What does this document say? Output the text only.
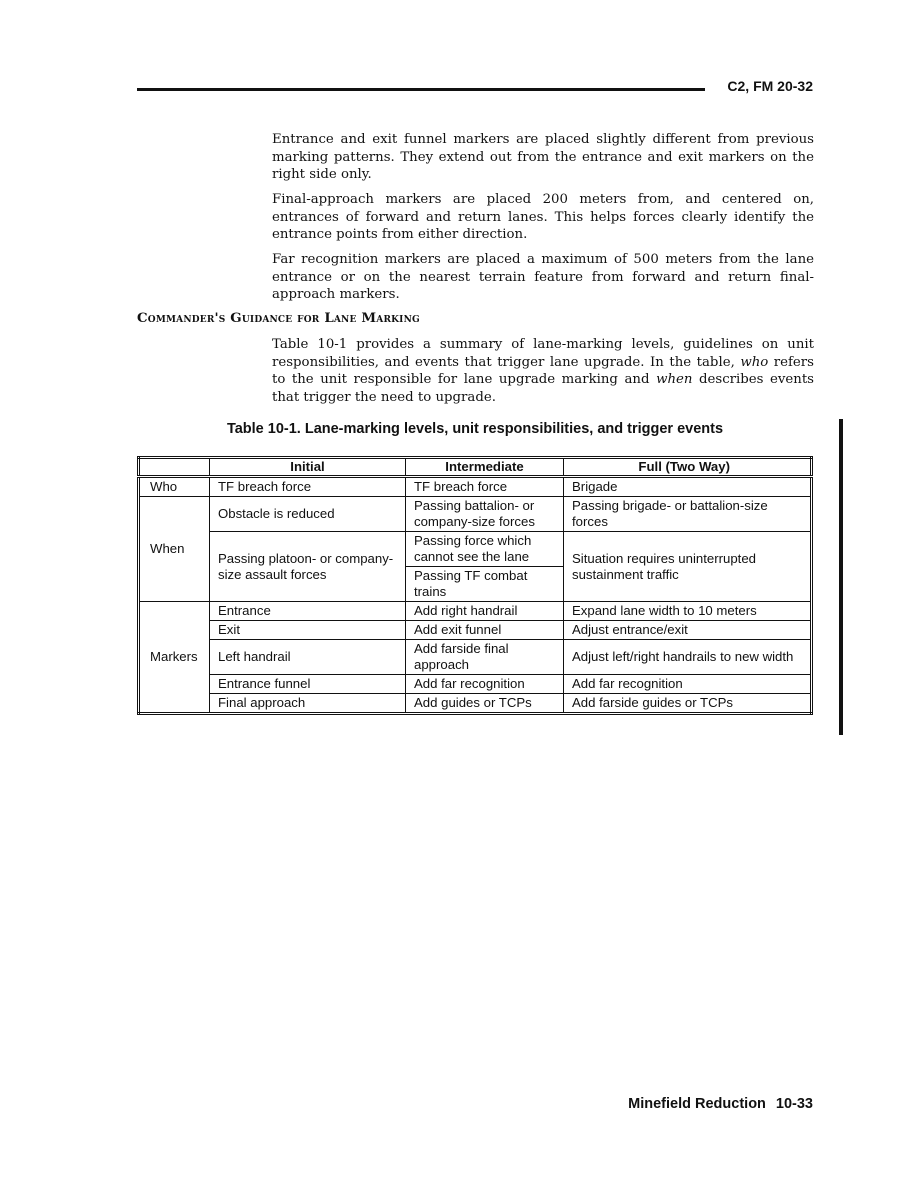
C2, FM 20-32

Entrance and exit funnel markers are placed slightly different from previous marking patterns. They extend out from the entrance and exit markers on the right side only.

Final-approach markers are placed 200 meters from, and centered on, entrances of forward and return lanes. This helps forces clearly identify the entrance points from either direction.

Far recognition markers are placed a maximum of 500 meters from the lane entrance or on the nearest terrain feature from forward and return final-approach markers.

Commander's Guidance for Lane Marking

Table 10-1 provides a summary of lane-marking levels, guidelines on unit responsibilities, and events that trigger lane upgrade. In the table, who refers to the unit responsible for lane upgrade marking and when describes events that trigger the need to upgrade.

Table 10-1. Lane-marking levels, unit responsibilities, and trigger events
	Initial	Intermediate	Full (Two Way)
Who	TF breach force	TF breach force	Brigade
When	Obstacle is reduced	Passing battalion- or company-size forces	Passing brigade- or battalion-size forces
	Passing platoon- or company-size assault forces	Passing force which cannot see the lane	Situation requires uninterrupted sustainment traffic
		Passing TF combat trains	
Markers	Entrance	Add right handrail	Expand lane width to 10 meters
	Exit	Add exit funnel	Adjust entrance/exit
	Left handrail	Add farside final approach	Adjust left/right handrails to new width
	Entrance funnel	Add far recognition	Add far recognition
	Final approach	Add guides or TCPs	Add farside guides or TCPs
Minefield Reduction 10-33
